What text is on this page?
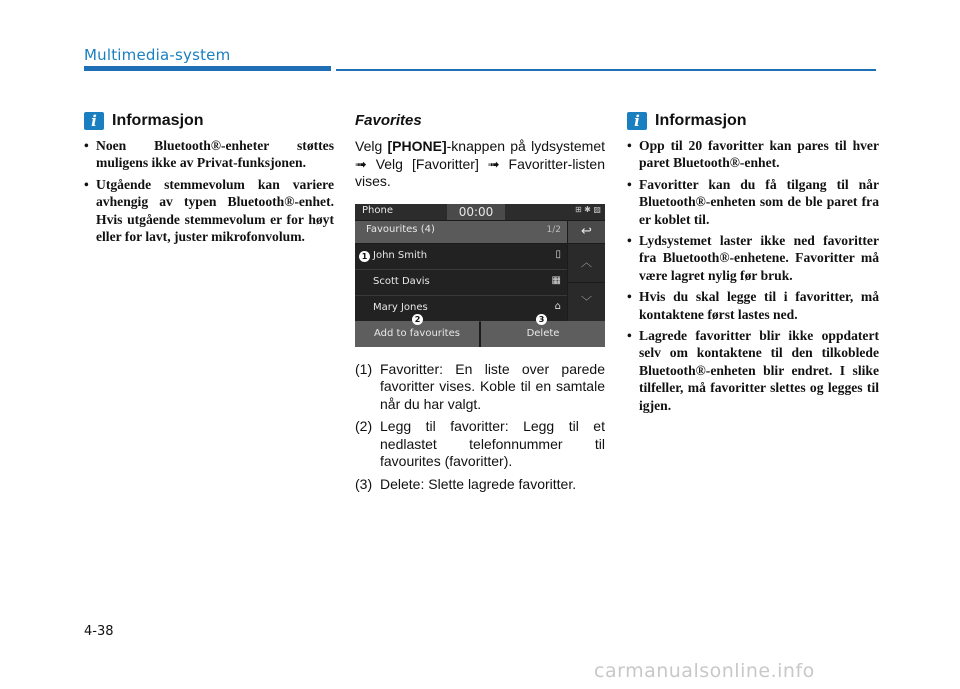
Multimedia-system
i Informasjon
• Noen Bluetooth®-enheter støttes muligens ikke av Privat-funksjonen.
• Utgående stemmevolum kan variere avhengig av typen Bluetooth®-enhet. Hvis utgående stemmevolum er for høyt eller for lavt, juster mikrofonvolum.

Favorites

Velg [PHONE]-knappen på lydsystemet ➟ Velg [Favoritter] ➟ Favoritter-listen vises.

Phone	00:00	⊞ ✱ ▨
Favourites (4)	1/2	↩
John Smith	▯
Scott Davis	▦
Mary Jones	⌂
︿
﹀
Add to favourites	Delete
1
2	3
(1) Favoritter: En liste over parede favoritter vises. Koble til en samtale når du har valgt.
(2) Legg til favoritter: Legg til et nedlastet telefonnummer til favourites (favoritter).
(3) Delete: Slette lagrede favoritter.
i Informasjon
• Opp til 20 favoritter kan pares til hver paret Bluetooth®-enhet.
• Favoritter kan du få tilgang til når Bluetooth®-enheten som de ble paret fra er koblet til.
• Lydsystemet laster ikke ned favoritter fra Bluetooth®-enhetene. Favoritter må være lagret nylig før bruk.
• Hvis du skal legge til i favoritter, må kontaktene først lastes ned.
• Lagrede favoritter blir ikke oppdatert selv om kontaktene til den tilkoblede Bluetooth®-enheten blir endret. I slike tilfeller, må favoritter slettes og legges til igjen.
4-38
carmanualsonline.info
